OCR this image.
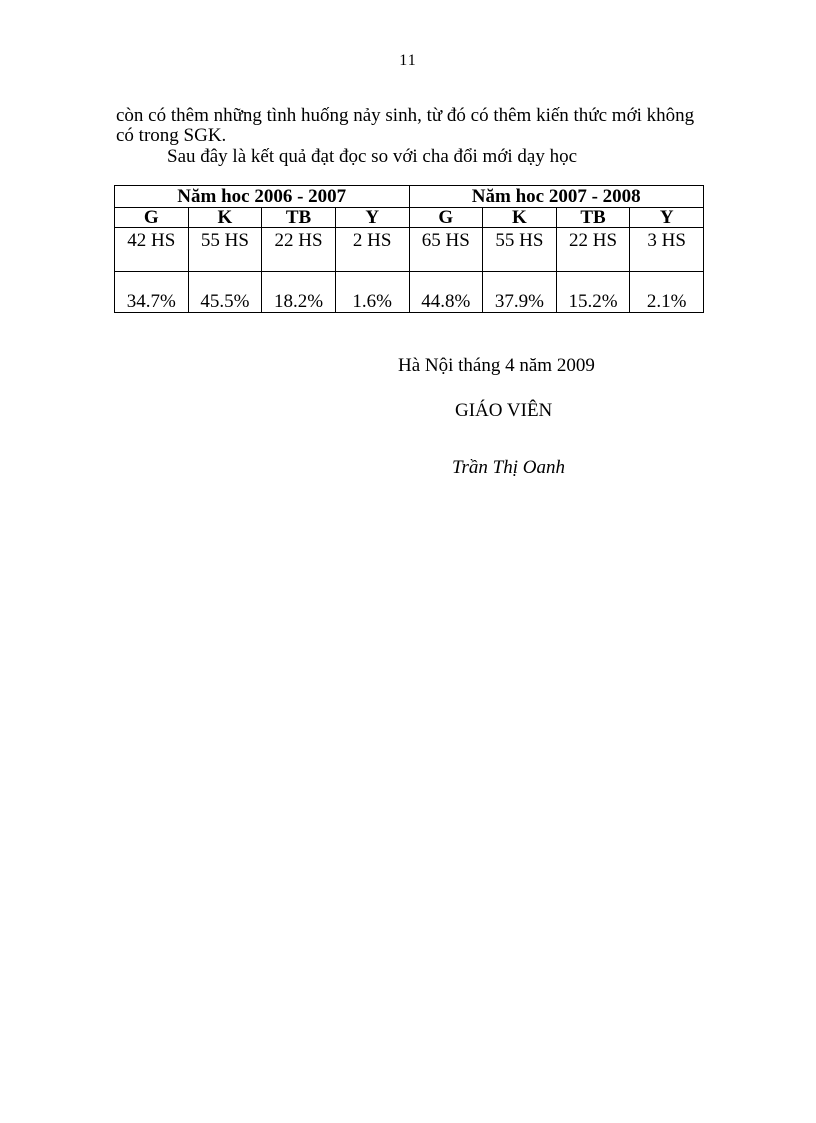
11
còn có thêm những tình huống nảy sinh, từ đó có thêm kiến thức mới không có trong SGK.
Sau đây là kết quả đạt đọc so với cha đổi mới dạy học
Năm hoc 2006 - 2007				Năm hoc 2007 - 2008			
G	K	TB	Y	G	K	TB	Y
42 HS	55 HS	22 HS	2 HS	65 HS	55 HS	22 HS	3 HS
34.7%	45.5%	18.2%	1.6%	44.8%	37.9%	15.2%	2.1%
Hà Nội tháng 4 năm 2009
GIÁO VIÊN
Trần Thị Oanh
